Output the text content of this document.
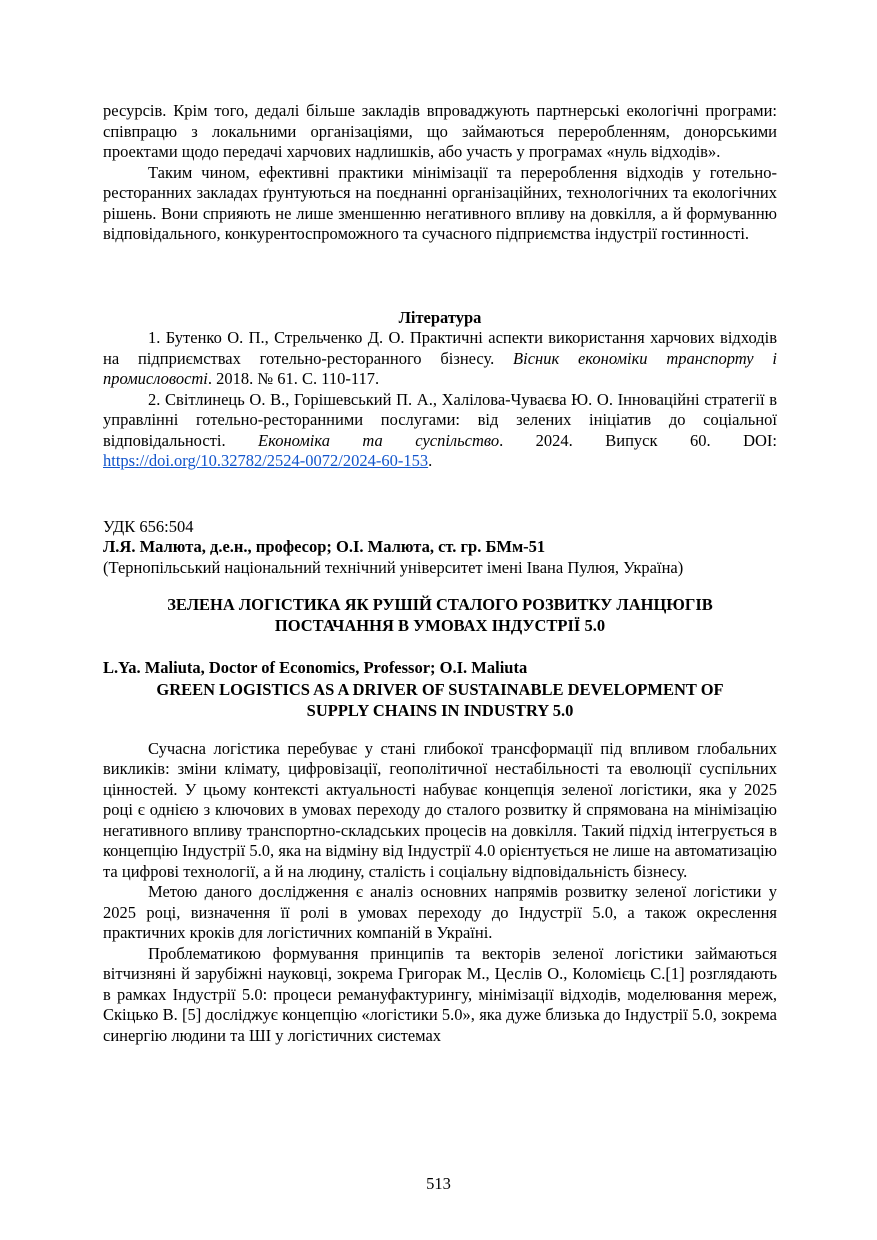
ресурсів. Крім того, дедалі більше закладів впроваджують партнерські екологічні програми: співпрацю з локальними організаціями, що займаються переробленням, донорськими проектами щодо передачі харчових надлишків, або участь у програмах «нуль відходів».

Таким чином, ефективні практики мінімізації та перероблення відходів у готельно-ресторанних закладах ґрунтуються на поєднанні організаційних, технологічних та екологічних рішень. Вони сприяють не лише зменшенню негативного впливу на довкілля, а й формуванню відповідального, конкурентоспроможного та сучасного підприємства індустрії гостинності.

Література

1. Бутенко О. П., Стрельченко Д. О. Практичні аспекти використання харчових відходів на підприємствах готельно-ресторанного бізнесу. Вісник економіки транспорту і промисловості. 2018. № 61. С. 110-117.

2. Світлинець О. В., Горішевський П. А., Халілова-Чуваєва Ю. О. Інноваційні стратегії в управлінні готельно-ресторанними послугами: від зелених ініціатив до соціальної відповідальності. Економіка та суспільство. 2024. Випуск 60. DOI: https://doi.org/10.32782/2524-0072/2024-60-153.

УДК 656:504

Л.Я. Малюта, д.е.н., професор; О.І. Малюта, ст. гр. БМм-51

(Тернопільський національний технічний університет імені Івана Пулюя, Україна)

ЗЕЛЕНА ЛОГІСТИКА ЯК РУШІЙ СТАЛОГО РОЗВИТКУ ЛАНЦЮГІВ ПОСТАЧАННЯ В УМОВАХ ІНДУСТРІЇ 5.0

L.Ya. Maliuta, Doctor of Economics, Professor; O.I. Maliuta

GREEN LOGISTICS AS A DRIVER OF SUSTAINABLE DEVELOPMENT OF SUPPLY CHAINS IN INDUSTRY 5.0

Сучасна логістика перебуває у стані глибокої трансформації під впливом глобальних викликів: зміни клімату, цифровізації, геополітичної нестабільності та еволюції суспільних цінностей. У цьому контексті актуальності набуває концепція зеленої логістики, яка у 2025 році є однією з ключових в умовах переходу до сталого розвитку й спрямована на мінімізацію негативного впливу транспортно-складських процесів на довкілля. Такий підхід інтегрується в концепцію Індустрії 5.0, яка на відміну від Індустрії 4.0 орієнтується не лише на автоматизацію та цифрові технології, а й на людину, сталість і соціальну відповідальність бізнесу.

Метою даного дослідження є аналіз основних напрямів розвитку зеленої логістики у 2025 році, визначення її ролі в умовах переходу до Індустрії 5.0, а також окреслення практичних кроків для логістичних компаній в Україні.

Проблематикою формування принципів та векторів зеленої логістики займаються вітчизняні й зарубіжні науковці, зокрема Григорак М., Цеслів О., Коломієць С.[1] розглядають в рамках Індустрії 5.0: процеси ремануфактурингу, мінімізації відходів, моделювання мереж, Скіцько В. [5] досліджує концепцію «логістики 5.0», яка дуже близька до Індустрії 5.0, зокрема синергію людини та ШІ у логістичних системах

513
